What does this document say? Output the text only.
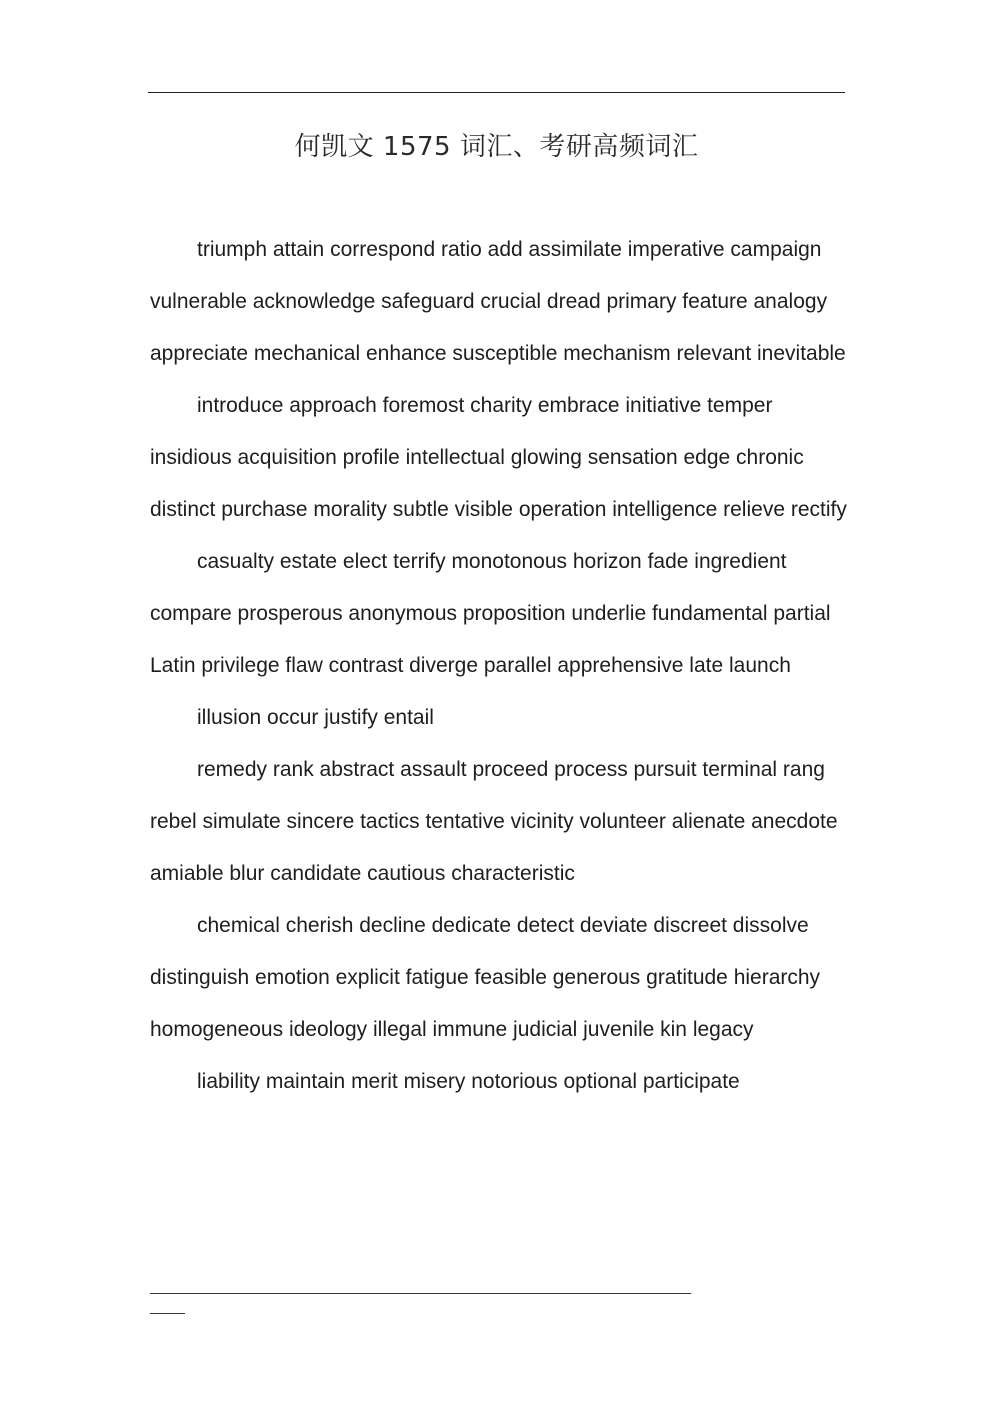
何凯文 1575 词汇、考研高频词汇

triumph attain correspond ratio add assimilate imperative campaign vulnerable acknowledge safeguard crucial dread primary feature analogy appreciate mechanical enhance susceptible mechanism relevant inevitable

introduce approach foremost charity embrace initiative temper insidious acquisition profile intellectual glowing sensation edge chronic distinct purchase morality subtle visible operation intelligence relieve rectify

casualty estate elect terrify monotonous horizon fade ingredient compare prosperous anonymous proposition underlie fundamental partial Latin privilege flaw contrast diverge parallel apprehensive late launch

illusion occur justify entail

remedy rank abstract assault proceed process pursuit terminal rang rebel simulate sincere tactics tentative vicinity volunteer alienate anecdote amiable blur candidate cautious characteristic

chemical cherish decline dedicate detect deviate discreet dissolve distinguish emotion explicit fatigue feasible generous gratitude hierarchy homogeneous ideology illegal immune judicial juvenile kin legacy

liability maintain merit misery notorious optional participate

_______________________________________________
___
